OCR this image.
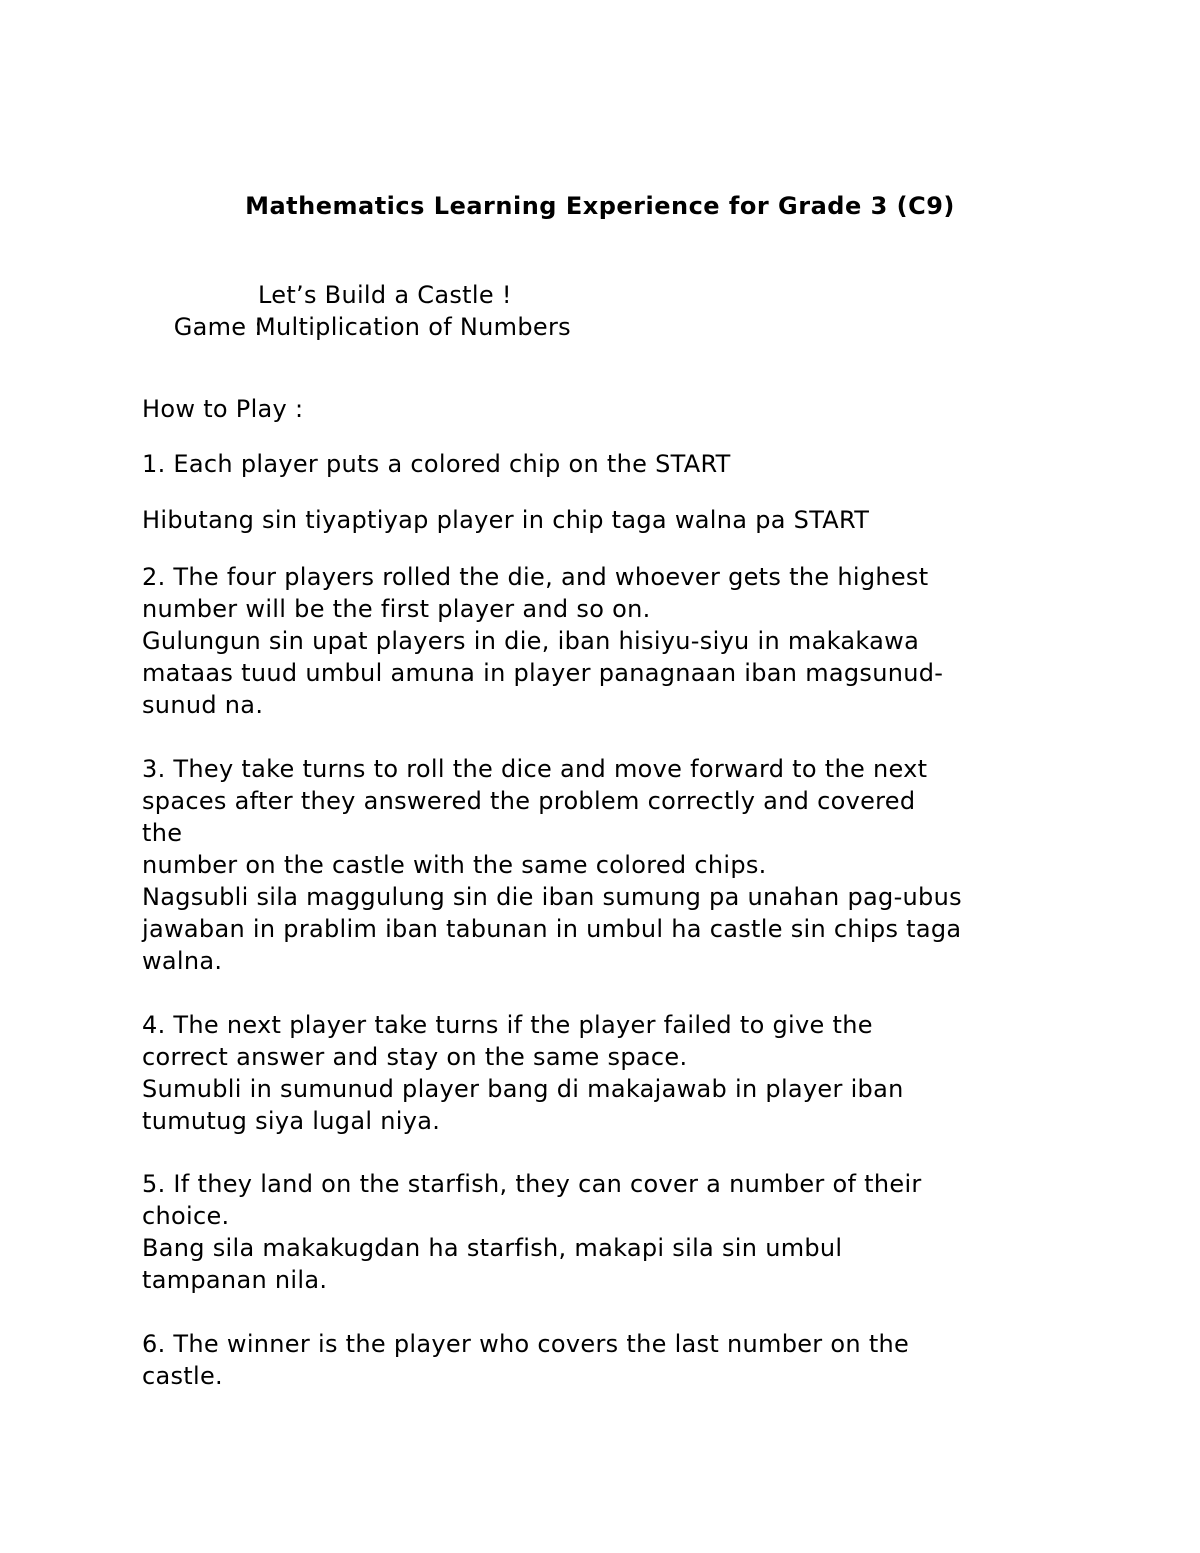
Mathematics Learning Experience for Grade 3 (C9)

Game :

Let’s Build a Castle !
Multiplication of Numbers
How to Play :
1. Each player puts a colored chip on the START
Hibutang sin tiyaptiyap player in chip taga walna pa START
2. The four players rolled the die, and whoever gets the highest
number will be the first player and so on.
Gulungun sin upat players in die, iban hisiyu-siyu in makakawa
mataas tuud umbul amuna in player panagnaan iban magsunud-
sunud na.
3. They take turns to roll the dice and move forward to the next
spaces after they answered the problem correctly and covered
the
number on the castle with the same colored chips.
Nagsubli sila maggulung sin die iban sumung pa unahan pag-ubus
jawaban in prablim iban tabunan in umbul ha castle sin chips taga
walna.
4. The next player take turns if the player failed to give the
correct answer and stay on the same space.
Sumubli in sumunud player bang di makajawab in player iban
tumutug siya lugal niya.
5. If they land on the starfish, they can cover a number of their
choice.
Bang sila makakugdan ha starfish, makapi sila sin umbul
tampanan nila.
6. The winner is the player who covers the last number on the
castle.
